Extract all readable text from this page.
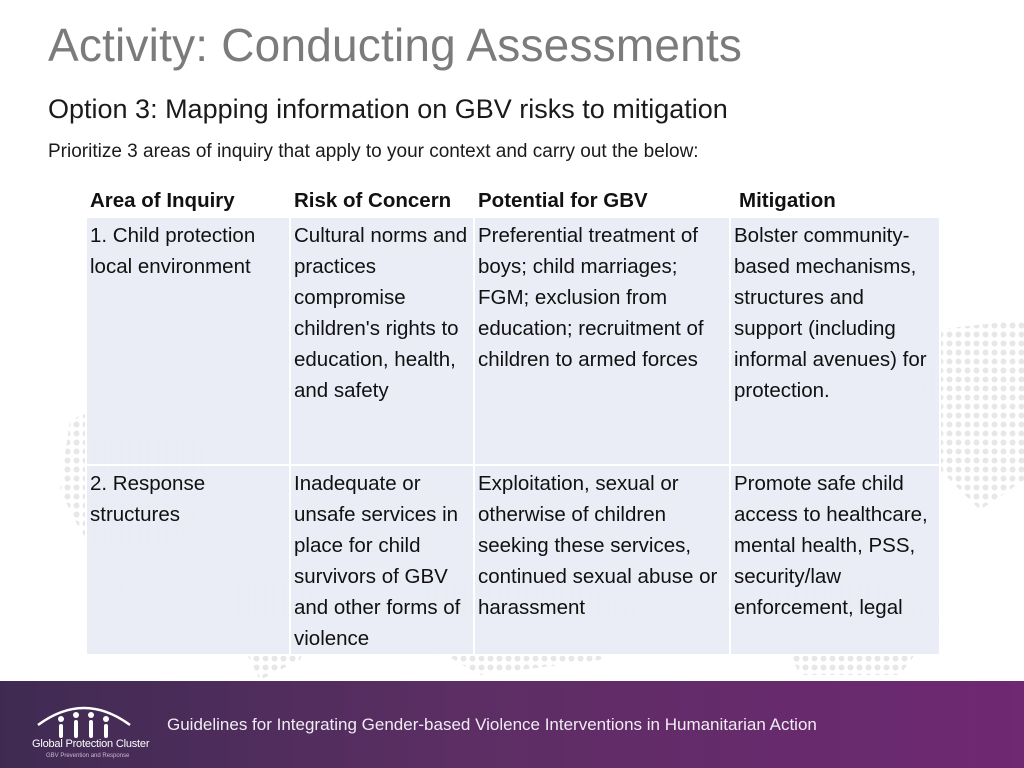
Activity: Conducting Assessments
Option 3: Mapping information on GBV risks to mitigation

Prioritize 3 areas of inquiry that apply to your context and carry out the below:

Area of Inquiry	Risk of Concern	Potential for GBV	Mitigation
1. Child protection local environment	Cultural norms and practices compromise children's rights to education, health, and safety	Preferential treatment of boys; child marriages; FGM; exclusion from education; recruitment of children to armed forces	Bolster community-based mechanisms, structures and support (including informal avenues) for protection.
2. Response structures	Inadequate or unsafe services in place for child survivors of GBV and other forms of violence	Exploitation, sexual or otherwise of children seeking these services, continued sexual abuse or harassment	Promote safe child access to healthcare, mental health, PSS, security/law enforcement, legal
Global Protection Cluster
GBV Prevention and Response
Guidelines for Integrating Gender-based Violence Interventions in Humanitarian Action
